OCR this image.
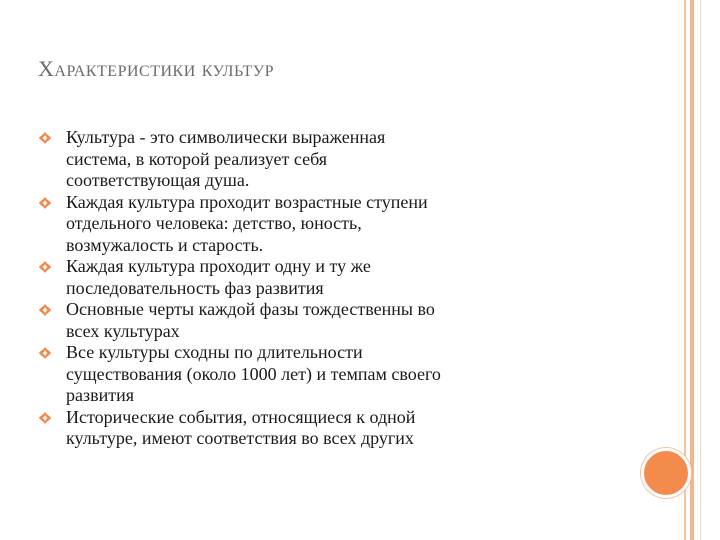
ХАРАКТЕРИСТИКИ КУЛЬТУР
Культура - это символически выраженная
система, в которой реализует себя
соответствующая душа.
Каждая культура проходит возрастные ступени
отдельного человека: детство, юность,
возмужалость и старость.
Каждая культура проходит одну и ту же
последовательность фаз развития
Основные черты каждой фазы тождественны во
всех культурах
Все культуры сходны по длительности
существования (около 1000 лет) и темпам своего
развития
Исторические события, относящиеся к одной
культуре, имеют соответствия во всех других
